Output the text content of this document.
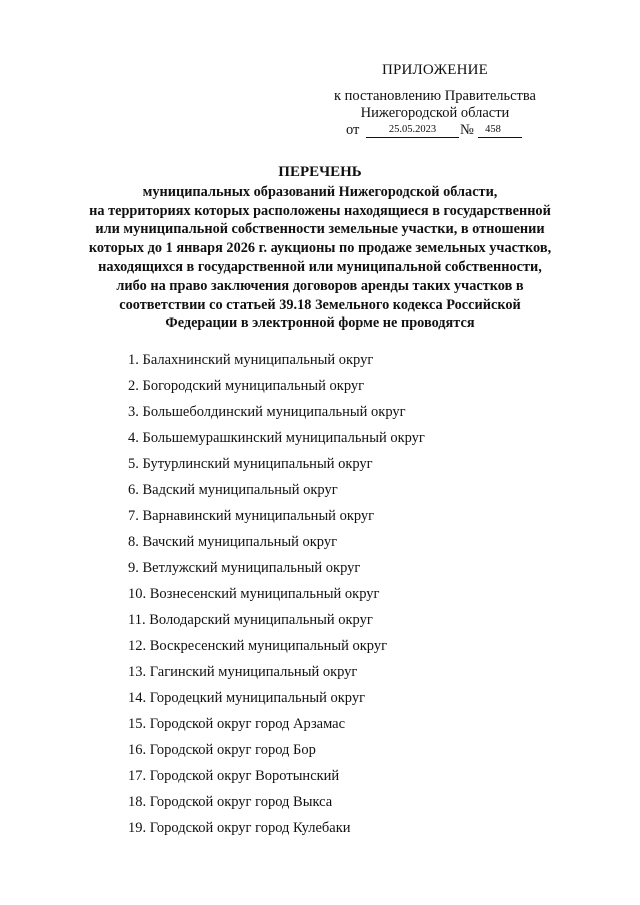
ПРИЛОЖЕНИЕ
к постановлению Правительства
Нижегородской области
от	25.05.2023	№	458
ПЕРЕЧЕНЬ
муниципальных образований Нижегородской области,
на территориях которых расположены находящиеся в государственной
или муниципальной собственности земельные участки, в отношении
которых до 1 января 2026 г. аукционы по продаже земельных участков,
находящихся в государственной или муниципальной собственности,
либо на право заключения договоров аренды таких участков в
соответствии со статьей 39.18 Земельного кодекса Российской
Федерации в электронной форме не проводятся
1. Балахнинский муниципальный округ
2. Богородский муниципальный округ
3. Большеболдинский муниципальный округ
4. Большемурашкинский муниципальный округ
5. Бутурлинский муниципальный округ
6. Вадский муниципальный округ
7. Варнавинский муниципальный округ
8. Вачский муниципальный округ
9. Ветлужский муниципальный округ
10. Вознесенский муниципальный округ
11. Володарский муниципальный округ
12. Воскресенский муниципальный округ
13. Гагинский муниципальный округ
14. Городецкий муниципальный округ
15. Городской округ город Арзамас
16. Городской округ город Бор
17. Городской округ Воротынский
18. Городской округ город Выкса
19. Городской округ город Кулебаки
